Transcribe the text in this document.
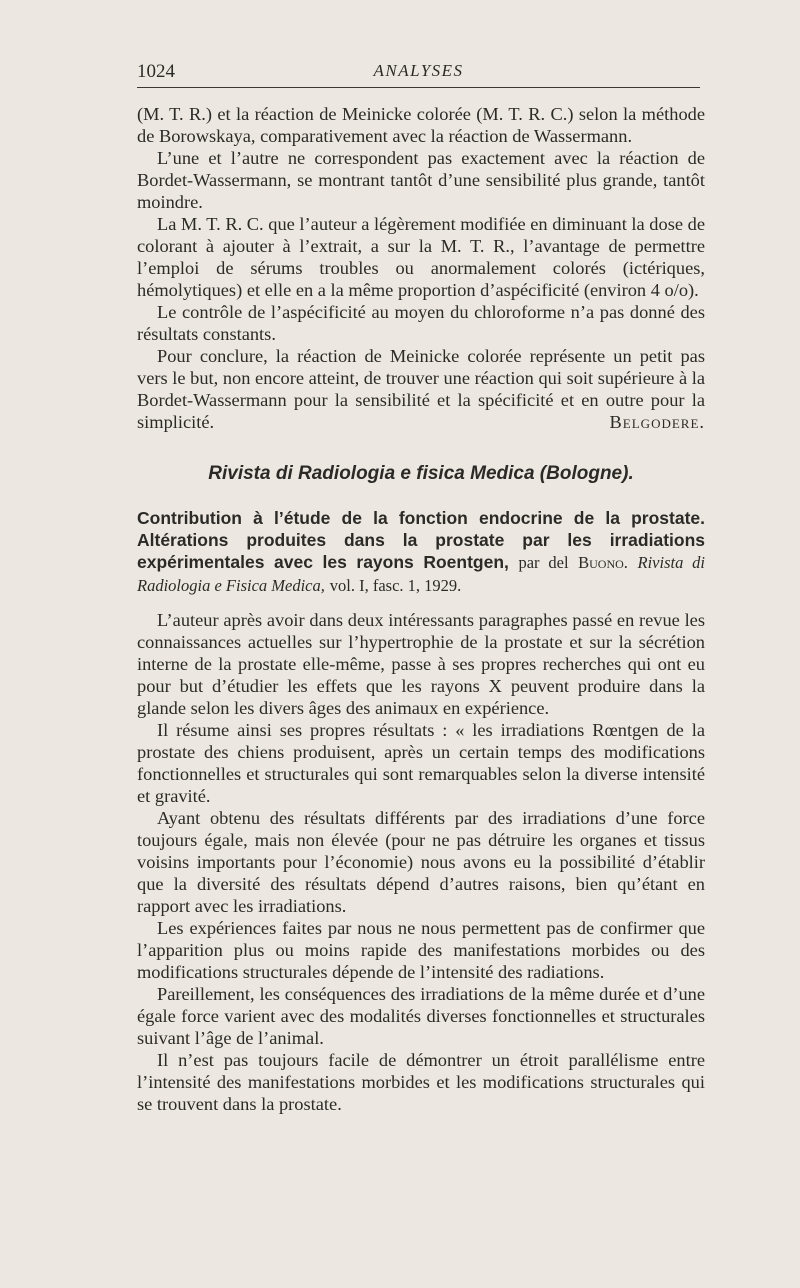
1024	ANALYSES

(M. T. R.) et la réaction de Meinicke colorée (M. T. R. C.) selon la méthode de Borowskaya, comparativement avec la réaction de Wassermann.

L’une et l’autre ne correspondent pas exactement avec la réaction de Bordet-Wassermann, se montrant tantôt d’une sensibilité plus grande, tantôt moindre.

La M. T. R. C. que l’auteur a légèrement modifiée en diminuant la dose de colorant à ajouter à l’extrait, a sur la M. T. R., l’avantage de permettre l’emploi de sérums troubles ou anormalement colorés (ictériques, hémolytiques) et elle en a la même proportion d’aspécificité (environ 4 o/o).

Le contrôle de l’aspécificité au moyen du chloroforme n’a pas donné des résultats constants.

Pour conclure, la réaction de Meinicke colorée représente un petit pas vers le but, non encore atteint, de trouver une réaction qui soit supérieure à la Bordet-Wassermann pour la sensibilité et la spécificité et en outre pour la simplicité.	Belgodere.

Rivista di Radiologia e fisica Medica (Bologne).

Contribution à l’étude de la fonction endocrine de la prostate. Altérations produites dans la prostate par les irradiations expérimentales avec les rayons Roentgen, par del Buono. Rivista di Radiologia e Fisica Medica, vol. I, fasc. 1, 1929.

L’auteur après avoir dans deux intéressants paragraphes passé en revue les connaissances actuelles sur l’hypertrophie de la prostate et sur la sécrétion interne de la prostate elle-même, passe à ses propres recherches qui ont eu pour but d’étudier les effets que les rayons X peuvent produire dans la glande selon les divers âges des animaux en expérience.

Il résume ainsi ses propres résultats : « les irradiations Rœntgen de la prostate des chiens produisent, après un certain temps des modifications fonctionnelles et structurales qui sont remarquables selon la diverse intensité et gravité.

Ayant obtenu des résultats différents par des irradiations d’une force toujours égale, mais non élevée (pour ne pas détruire les organes et tissus voisins importants pour l’économie) nous avons eu la possibilité d’établir que la diversité des résultats dépend d’autres raisons, bien qu’étant en rapport avec les irradiations.

Les expériences faites par nous ne nous permettent pas de confirmer que l’apparition plus ou moins rapide des manifestations morbides ou des modifications structurales dépende de l’intensité des radiations.

Pareillement, les conséquences des irradiations de la même durée et d’une égale force varient avec des modalités diverses fonctionnelles et structurales suivant l’âge de l’animal.

Il n’est pas toujours facile de démontrer un étroit parallélisme entre l’intensité des manifestations morbides et les modifications structurales qui se trouvent dans la prostate.
